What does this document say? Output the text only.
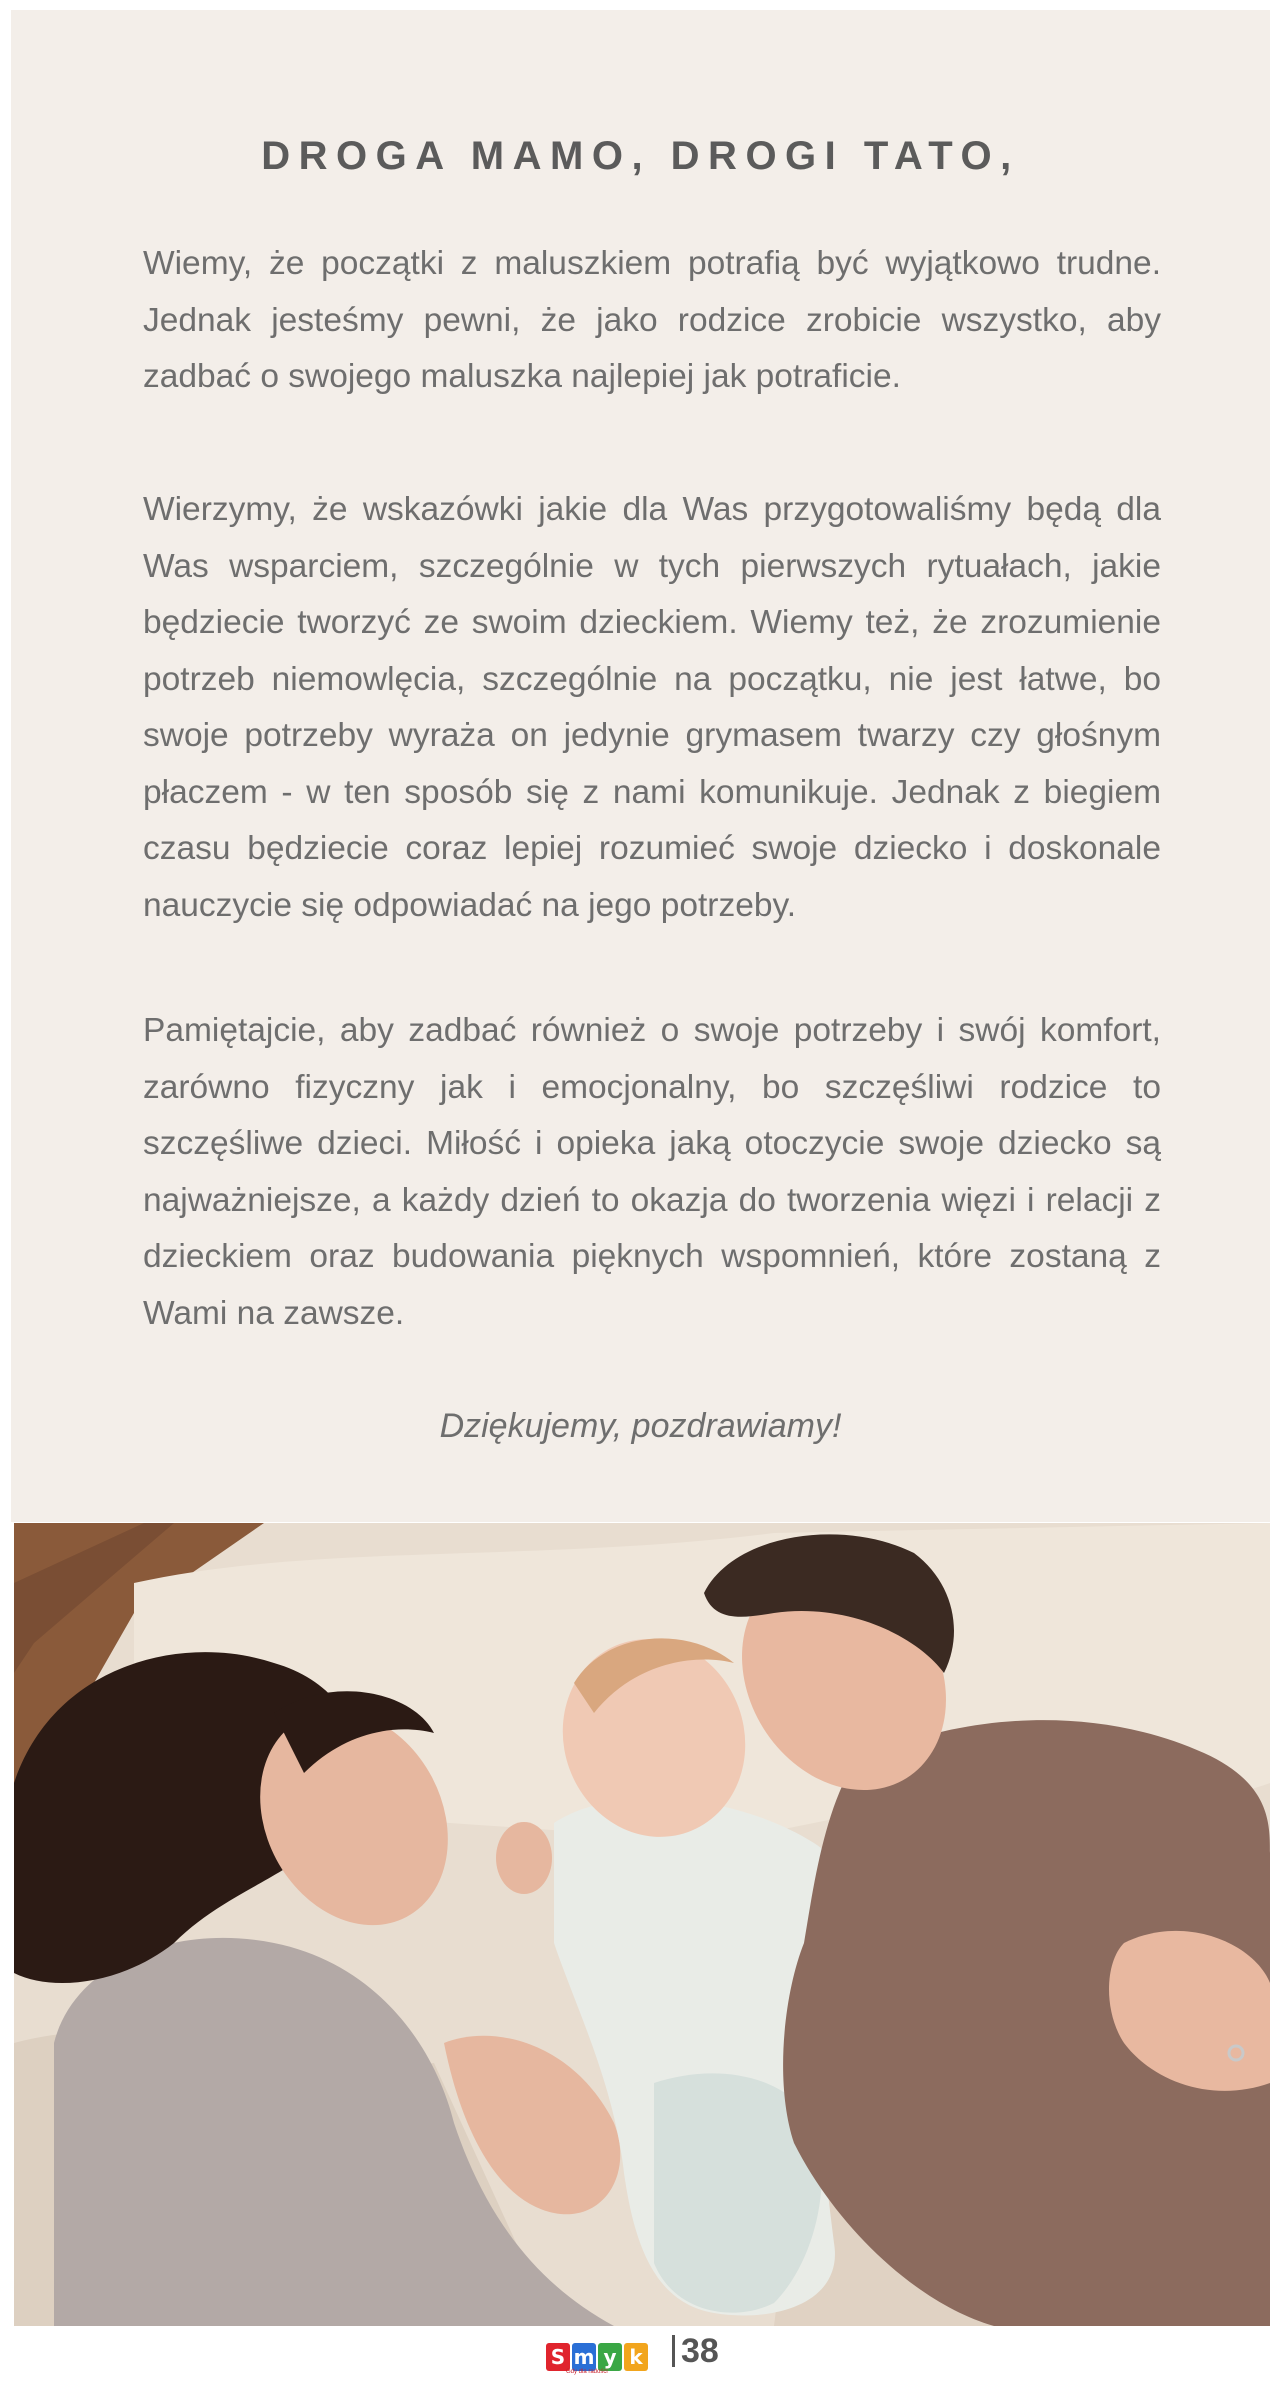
DROGA MAMO, DROGI TATO,
Wiemy, że początki z maluszkiem potrafią być wyjątkowo trudne. Jednak jesteśmy pewni, że jako rodzice zrobicie wszystko, aby zadbać o swojego maluszka najlepiej jak potraficie.
Wierzymy, że wskazówki jakie dla Was przygotowaliśmy będą dla Was wsparciem, szczególnie w tych pierwszych rytuałach, jakie będziecie tworzyć ze swoim dzieckiem. Wiemy też, że zrozumienie potrzeb niemowlęcia, szczególnie na początku, nie jest łatwe, bo swoje potrzeby wyraża on jedynie grymasem twarzy czy głośnym płaczem - w ten sposób się z nami komunikuje. Jednak z biegiem czasu będziecie coraz lepiej rozumieć swoje dziecko i doskonale nauczycie się odpowiadać na jego potrzeby.
Pamiętajcie, aby zadbać również o swoje potrzeby i swój komfort, zarówno fizyczny jak i emocjonalny, bo szczęśliwi rodzice to szczęśliwe dzieci. Miłość i opieka jaką otoczycie swoje dziecko są najważniejsze, a każdy dzień to okazja do tworzenia więzi i relacji z dzieckiem oraz budowania pięknych wspomnień, które zostaną z Wami na zawsze.
Dziękujemy, pozdrawiamy!
S m y k
Gdy dla radości
38
